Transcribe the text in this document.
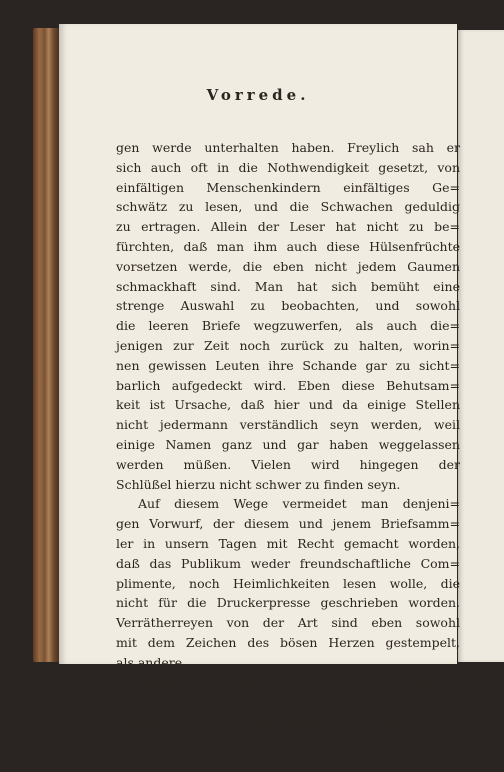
Vorrede.
gen werde unterhalten haben. Freylich sah er
sich auch oft in die Nothwendigkeit gesetzt, von
einfältigen Menschenkindern einfältiges Ge=
schwätz zu lesen, und die Schwachen geduldig
zu ertragen. Allein der Leser hat nicht zu be=
fürchten, daß man ihm auch diese Hülsenfrüchte
vorsetzen werde, die eben nicht jedem Gaumen
schmackhaft sind. Man hat sich bemüht eine
strenge Auswahl zu beobachten, und sowohl
die leeren Briefe wegzuwerfen, als auch die=
jenigen zur Zeit noch zurück zu halten, worin=
nen gewissen Leuten ihre Schande gar zu sicht=
barlich aufgedeckt wird. Eben diese Behutsam=
keit ist Ursache, daß hier und da einige Stellen
nicht jedermann verständlich seyn werden, weil
einige Namen ganz und gar haben weggelassen
werden müßen. Vielen wird hingegen der
Schlüßel hierzu nicht schwer zu finden seyn.
Auf diesem Wege vermeidet man denjeni=
gen Vorwurf, der diesem und jenem Briefsamm=
ler in unsern Tagen mit Recht gemacht worden,
daß das Publikum weder freundschaftliche Com=
plimente, noch Heimlichkeiten lesen wolle, die
nicht für die Druckerpresse geschrieben worden.
Verrätherreyen von der Art sind eben sowohl
mit dem Zeichen des bösen Herzen gestempelt,
als andere.
Diesen Vorwurf, sag ich noch einmal,
wird man dieser Sammlung niemals mit Recht
machen können. Und keiner von denen hier
aufgeführten Gelehrten wird sich schämen,
Klo=
